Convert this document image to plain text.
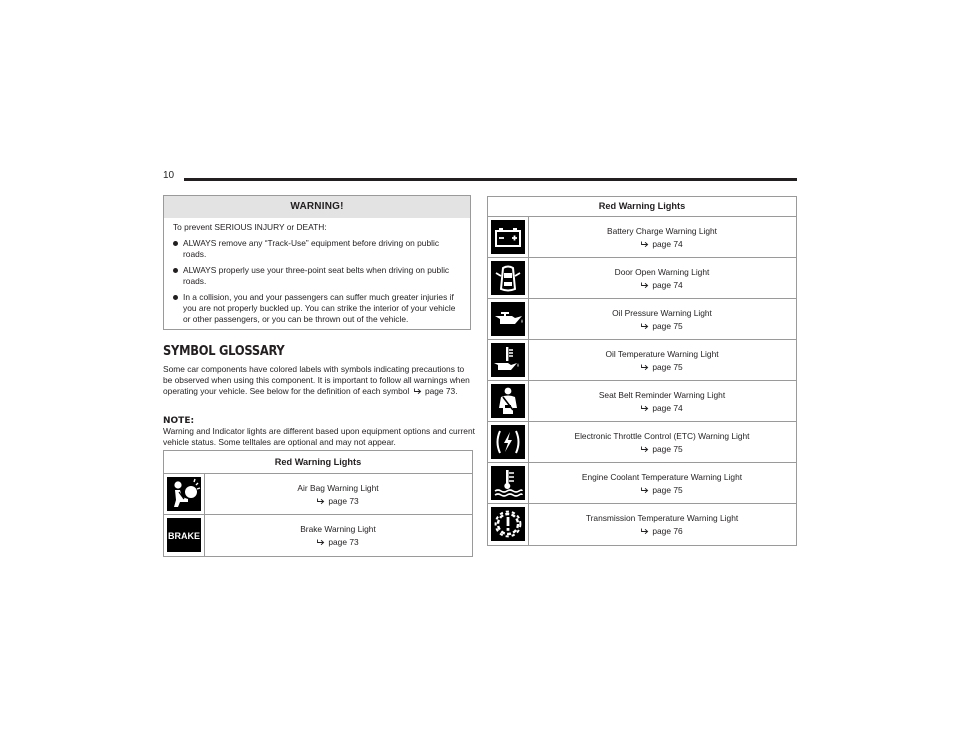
10
WARNING!
To prevent SERIOUS INJURY or DEATH:
ALWAYS remove any “Track-Use” equipment before driving on public roads.
ALWAYS properly use your three-point seat belts when driving on public roads.
In a collision, you and your passengers can suffer much greater injuries if you are not properly buckled up. You can strike the interior of your vehicle or other passengers, or you can be thrown out of the vehicle.
SYMBOL GLOSSARY
Some car components have colored labels with symbols indicating precautions to be observed when using this component. It is important to follow all warnings when operating your vehicle. See below for the definition of each symbol page 73.
NOTE:
Warning and Indicator lights are different based upon equipment options and current vehicle status. Some telltales are optional and may not appear.
Red Warning Lights
Air Bag Warning Light
page 73
BRAKE
Brake Warning Light
page 73
Red Warning Lights
Battery Charge Warning Light
page 74
Door Open Warning Light
page 74
Oil Pressure Warning Light
page 75
Oil Temperature Warning Light
page 75
Seat Belt Reminder Warning Light
page 74
Electronic Throttle Control (ETC) Warning Light
page 75
Engine Coolant Temperature Warning Light
page 75
Transmission Temperature Warning Light
page 76
